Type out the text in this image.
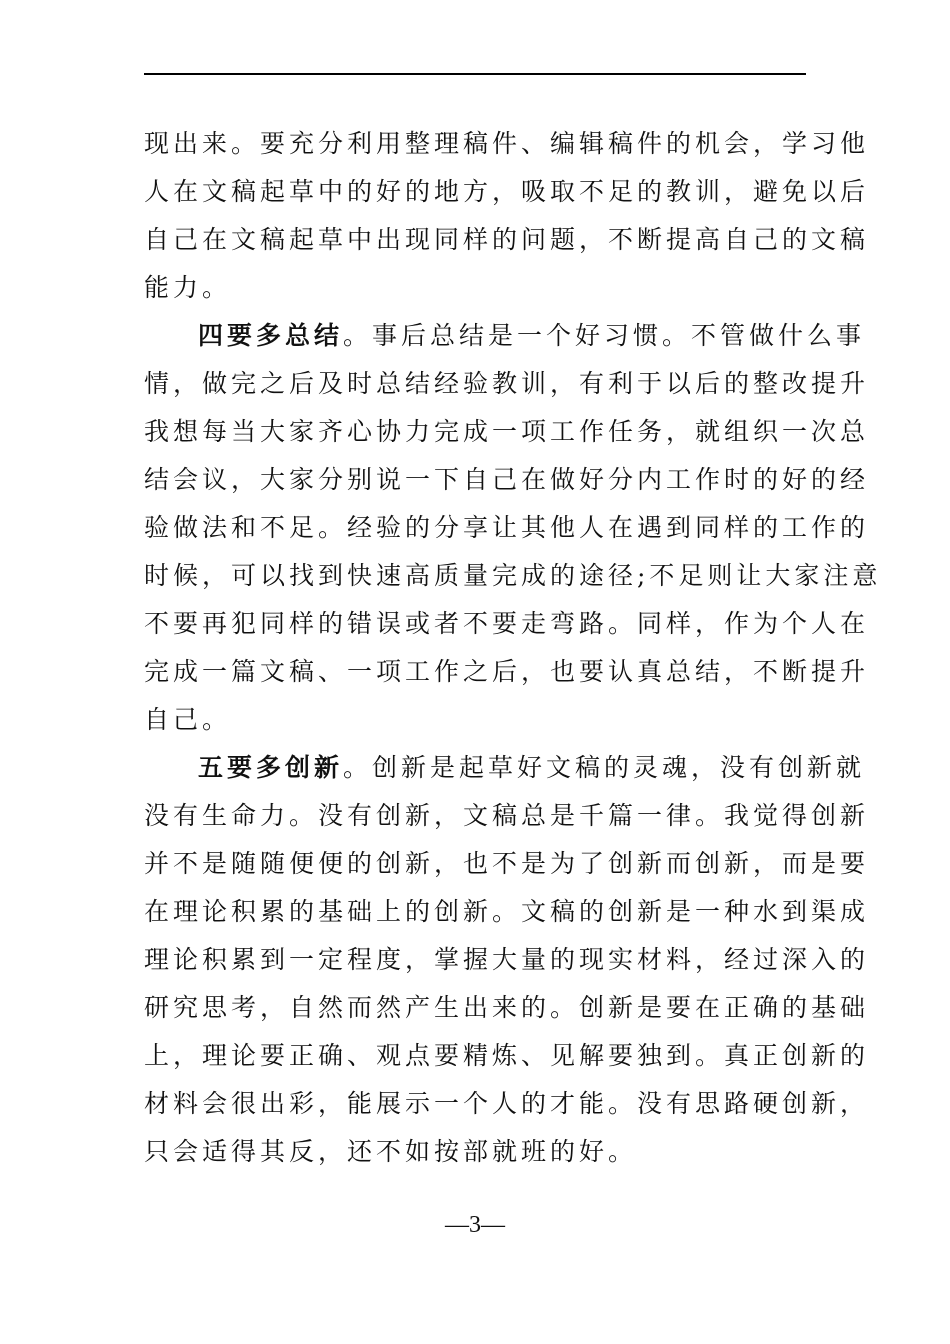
现出来。要充分利用整理稿件、编辑稿件的机会，学习他
人在文稿起草中的好的地方，吸取不足的教训，避免以后
自己在文稿起草中出现同样的问题，不断提高自己的文稿
能力。
四要多总结。事后总结是一个好习惯。不管做什么事
情，做完之后及时总结经验教训，有利于以后的整改提升
我想每当大家齐心协力完成一项工作任务，就组织一次总
结会议，大家分别说一下自己在做好分内工作时的好的经
验做法和不足。经验的分享让其他人在遇到同样的工作的
时候，可以找到快速高质量完成的途径;不足则让大家注意
不要再犯同样的错误或者不要走弯路。同样，作为个人在
完成一篇文稿、一项工作之后，也要认真总结，不断提升
自己。
五要多创新。创新是起草好文稿的灵魂，没有创新就
没有生命力。没有创新，文稿总是千篇一律。我觉得创新
并不是随随便便的创新，也不是为了创新而创新，而是要
在理论积累的基础上的创新。文稿的创新是一种水到渠成
理论积累到一定程度，掌握大量的现实材料，经过深入的
研究思考，自然而然产生出来的。创新是要在正确的基础
上，理论要正确、观点要精炼、见解要独到。真正创新的
材料会很出彩，能展示一个人的才能。没有思路硬创新，
只会适得其反，还不如按部就班的好。
—3—
